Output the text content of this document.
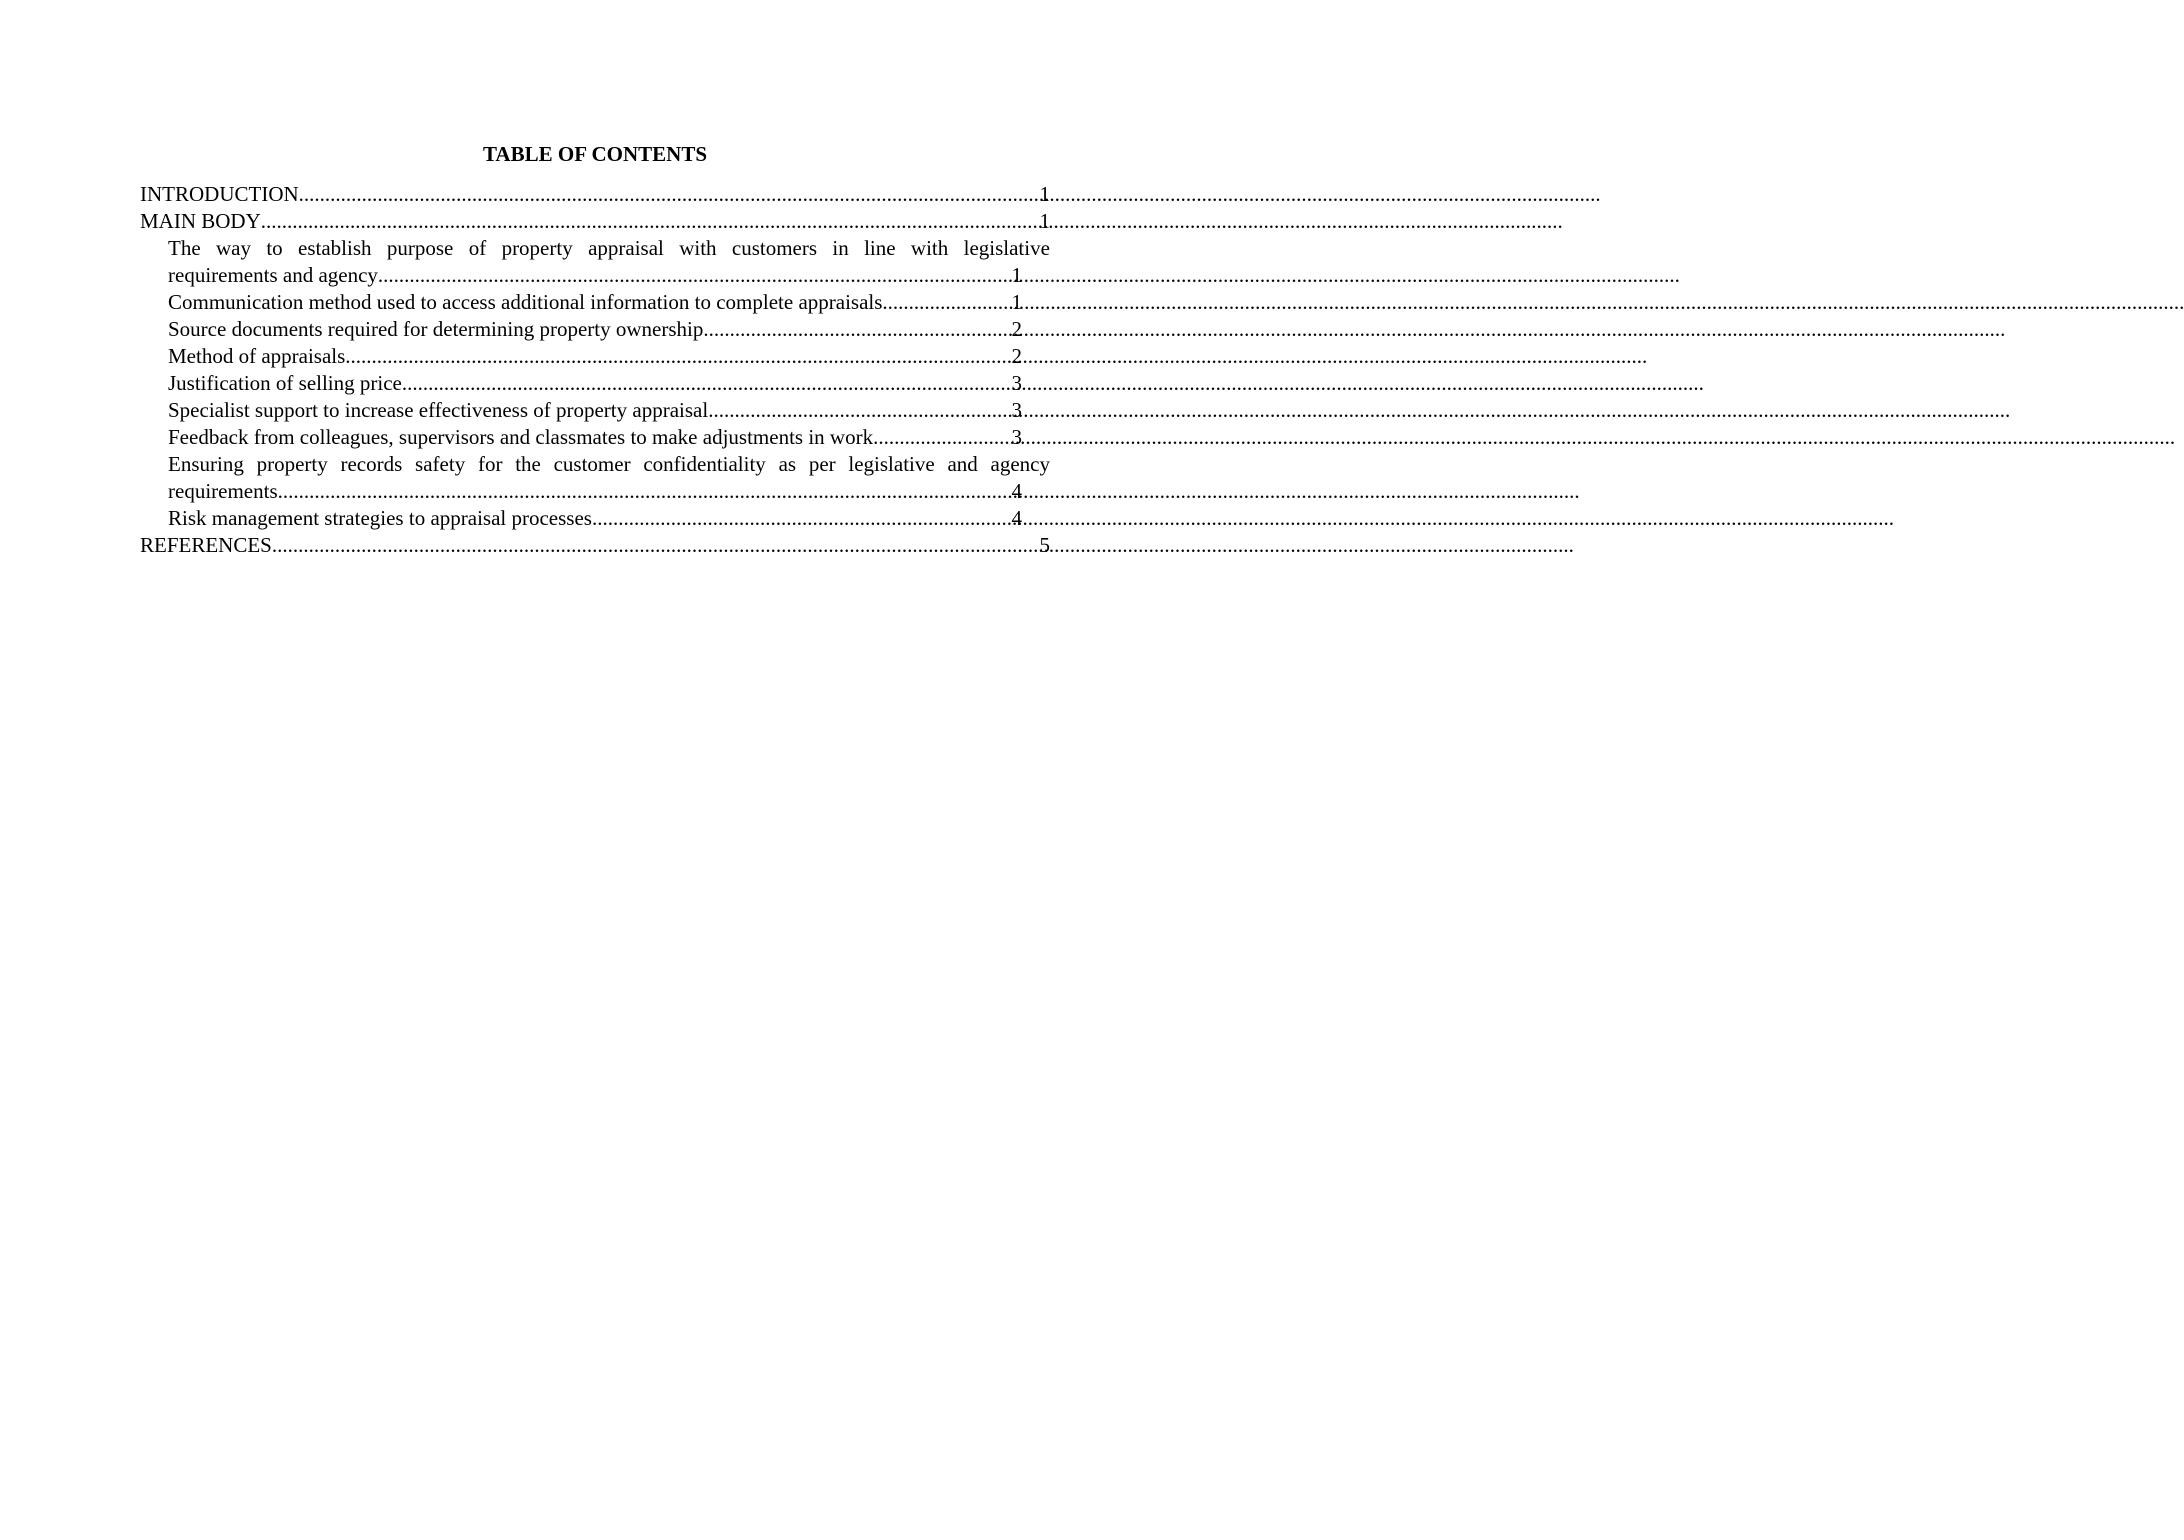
TABLE OF CONTENTS
INTRODUCTION .....	1
MAIN BODY .....	1
The way to establish purpose of property appraisal with customers in line with legislative
requirements and agency .....	1
Communication method used to access additional information to complete appraisals .....	1
Source documents required for determining property ownership .....	2
Method of appraisals .....	2
Justification of selling price .....	3
Specialist support to increase effectiveness of property appraisal .....	3
Feedback from colleagues, supervisors and classmates to make adjustments in work .....	3
Ensuring property records safety for the customer confidentiality as per legislative and agency
requirements .....	4
Risk management strategies to appraisal processes .....	4
REFERENCES .....	5
